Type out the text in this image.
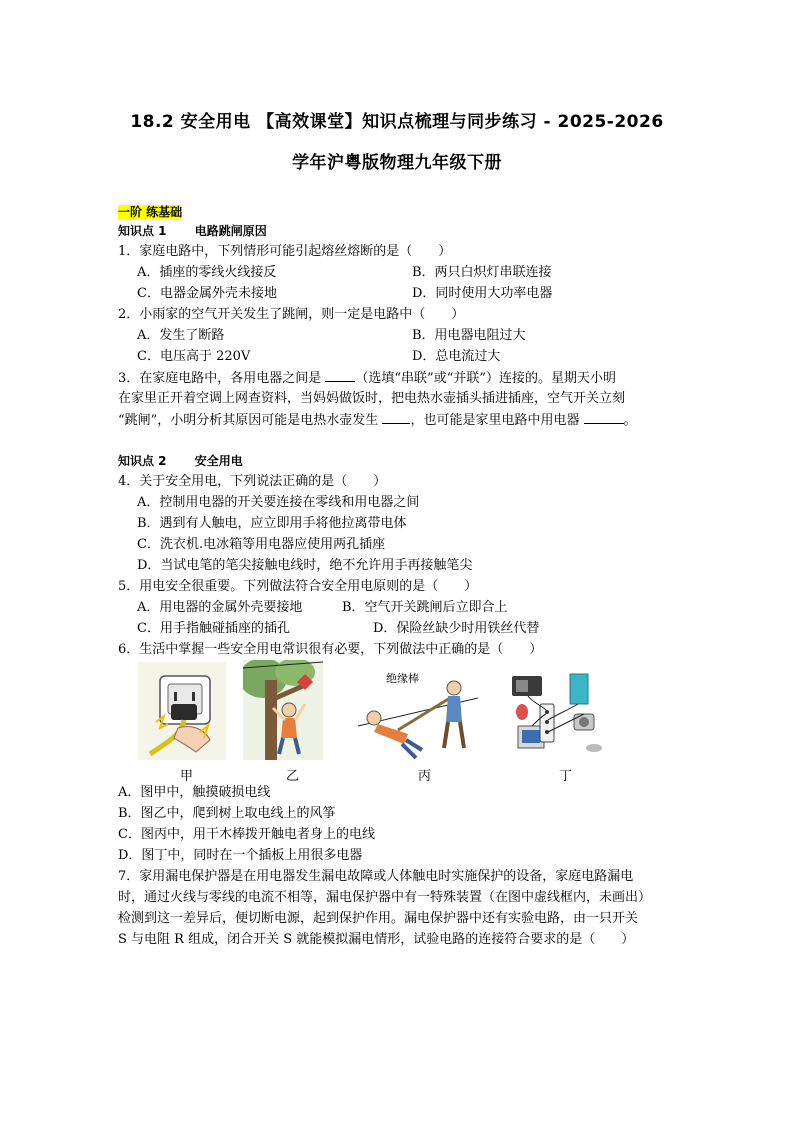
18.2 安全用电 【高效课堂】知识点梳理与同步练习 - 2025-2026
学年沪粤版物理九年级下册
一阶 练基础
知识点 1 电路跳闸原因
1．家庭电路中，下列情形可能引起熔丝熔断的是（　　）
A．插座的零线火线接反	B．两只白炽灯串联连接
C．电器金属外壳未接地	D．同时使用大功率电器
2．小雨家的空气开关发生了跳闸，则一定是电路中（　　）
A．发生了断路	B．用电器电阻过大
C．电压高于 220V	D．总电流过大
3．在家庭电路中，各用电器之间是 （选填“串联”或“并联”）连接的。星期天小明
在家里正开着空调上网查资料，当妈妈做饭时，把电热水壶插头插进插座，空气开关立刻
“跳闸”，小明分析其原因可能是电热水壶发生 ，也可能是家里电路中用电器	。
知识点 2 安全用电
4．关于安全用电，下列说法正确的是（　　）
A．控制用电器的开关要连接在零线和用电器之间
B．遇到有人触电，应立即用手将他拉离带电体
C．洗衣机.电冰箱等用电器应使用两孔插座
D．当试电笔的笔尖接触电线时，绝不允许用手再接触笔尖
5．用电安全很重要。下列做法符合安全用电原则的是（　　）
A．用电器的金属外壳要接地	B．空气开关跳闸后立即合上
C．用手指触碰插座的插孔	D．保险丝缺少时用铁丝代替
6．生活中掌握一些安全用电常识很有必要，下列做法中正确的是（　　）
绝缘棒
甲	乙	丙	丁
A．图甲中，触摸破损电线
B．图乙中，爬到树上取电线上的风筝
C．图丙中，用干木棒拨开触电者身上的电线
D．图丁中，同时在一个插板上用很多电器
7．家用漏电保护器是在用电器发生漏电故障或人体触电时实施保护的设备，家庭电路漏电
时，通过火线与零线的电流不相等，漏电保护器中有一特殊装置（在图中虚线框内，未画出）
检测到这一差异后，便切断电源，起到保护作用。漏电保护器中还有实验电路，由一只开关
S 与电阻 R 组成，闭合开关 S 就能模拟漏电情形，试验电路的连接符合要求的是（　　）
